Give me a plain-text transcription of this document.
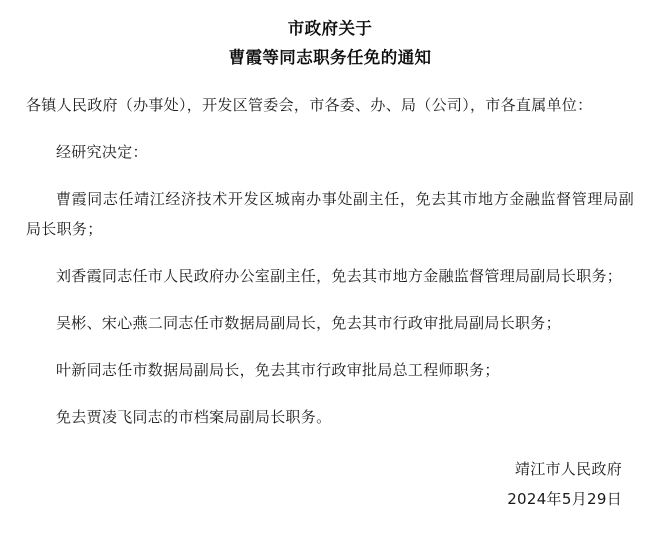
市政府关于
曹霞等同志职务任免的通知

各镇人民政府（办事处），开发区管委会，市各委、办、局（公司），市各直属单位：

经研究决定：

曹霞同志任靖江经济技术开发区城南办事处副主任，免去其市地方金融监督管理局副局长职务；

刘香霞同志任市人民政府办公室副主任，免去其市地方金融监督管理局副局长职务；

吴彬、宋心燕二同志任市数据局副局长，免去其市行政审批局副局长职务；

叶新同志任市数据局副局长，免去其市行政审批局总工程师职务；

免去贾凌飞同志的市档案局副局长职务。

靖江市人民政府
2024年5月29日
